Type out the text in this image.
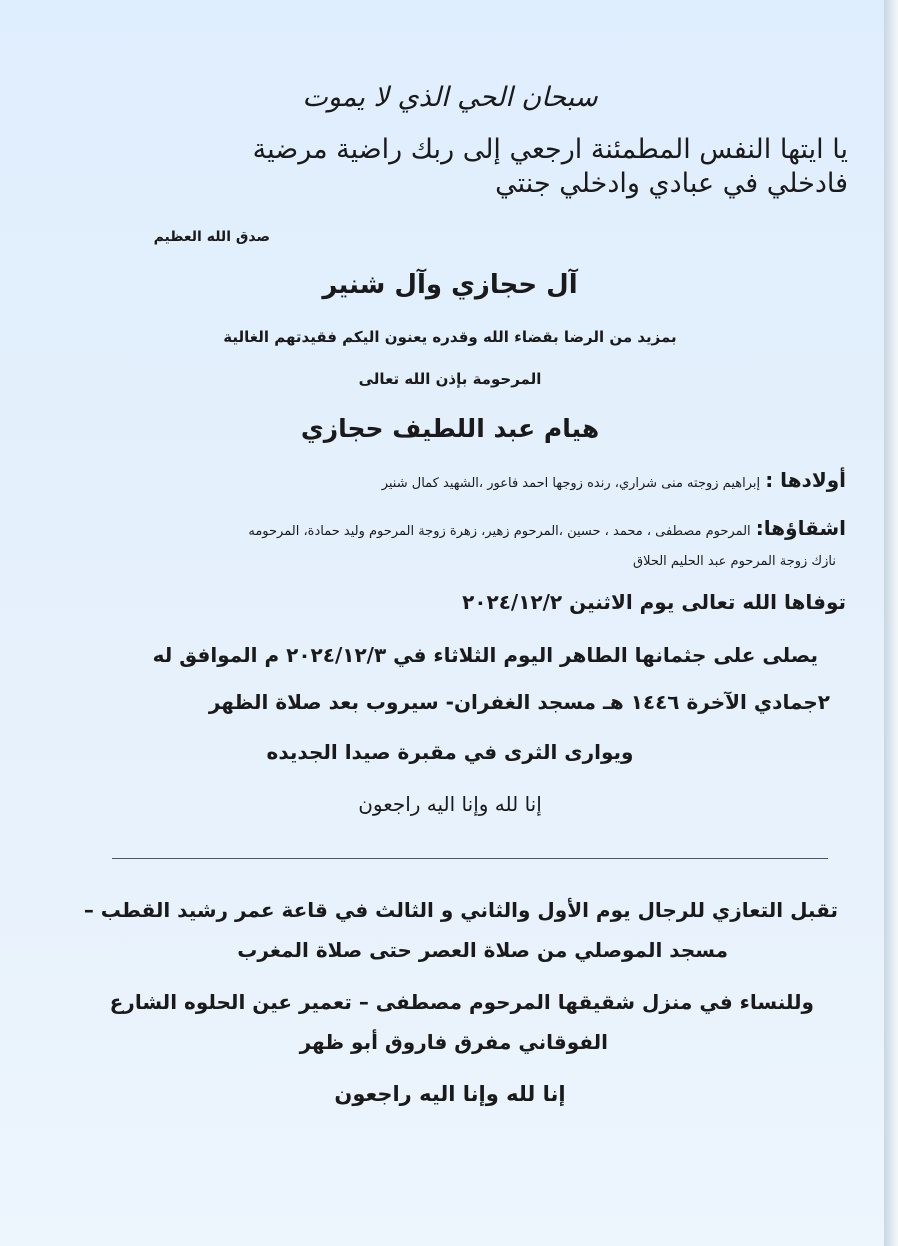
سبحان الحي الذي لا يموت

يا ايتها النفس المطمئنة ارجعي إلى ربك راضية مرضية

فادخلي في عبادي وادخلي جنتي

صدق الله العظيم

آل حجازي وآل شنير

بمزيد من الرضا بقضاء الله وقدره يعنون اليكم فقيدتهم الغالية

المرحومة بإذن الله تعالى

هيام عبد اللطيف حجازي

أولادها : إبراهيم زوجته منى شراري، رنده زوجها احمد فاعور ،الشهيد كمال شنير

اشقاؤها: المرحوم مصطفى ، محمد ، حسين ،المرحوم زهير، زهرة زوجة المرحوم وليد حمادة، المرحومه

نازك زوجة المرحوم عبد الحليم الحلاق

توفاها الله تعالى يوم الاثنين ٢٠٢٤/١٢/٢

يصلى على جثمانها الطاهر اليوم الثلاثاء في ٢٠٢٤/١٢/٣ م الموافق له

٢جمادي الآخرة ١٤٤٦ هـ مسجد الغفران- سيروب بعد صلاة الظهر

ويوارى الثرى في مقبرة صيدا الجديده

إنا لله وإنا اليه راجعون

تقبل التعازي للرجال يوم الأول والثاني و الثالث في قاعة عمر رشيد القطب –

مسجد الموصلي من صلاة العصر حتى صلاة المغرب

وللنساء في منزل شقيقها المرحوم مصطفى – تعمير عين الحلوه الشارع

الفوقاني مفرق فاروق أبو ظهر

إنا لله وإنا اليه راجعون
